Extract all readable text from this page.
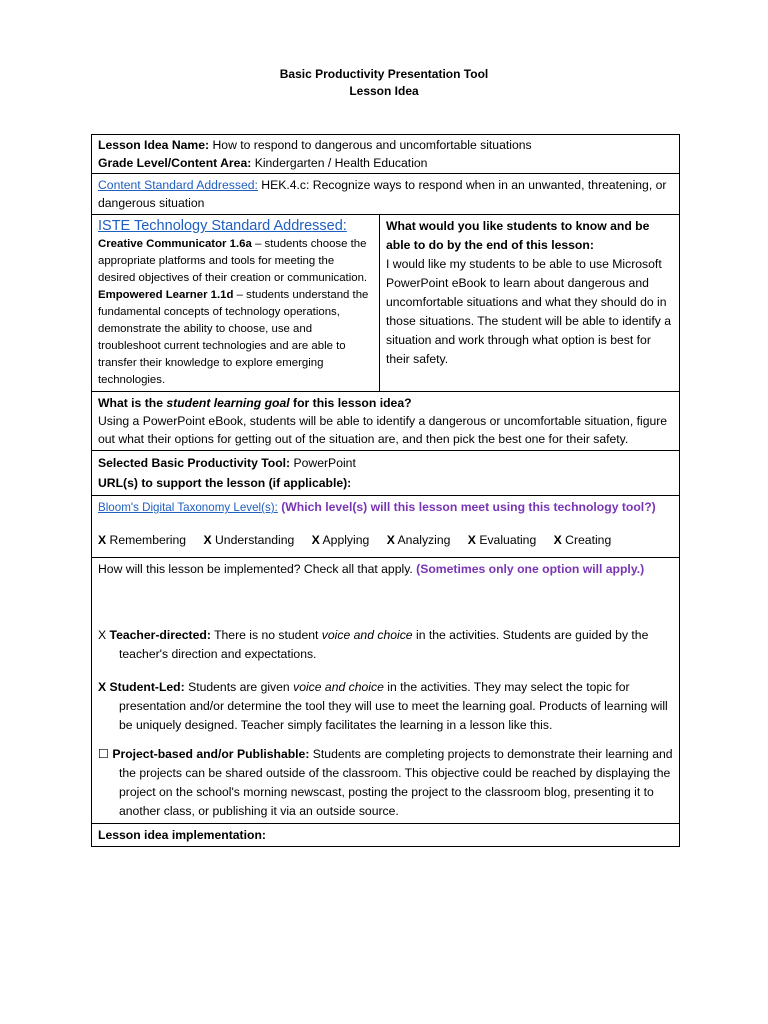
Basic Productivity Presentation Tool
Lesson Idea
Lesson Idea Name: How to respond to dangerous and uncomfortable situations
Grade Level/Content Area: Kindergarten / Health Education

Content Standard Addressed: HEK.4.c: Recognize ways to respond when in an unwanted, threatening, or dangerous situation

ISTE Technology Standard Addressed:
Creative Communicator 1.6a – students choose the appropriate platforms and tools for meeting the desired objectives of their creation or communication.
Empowered Learner 1.1d – students understand the fundamental concepts of technology operations, demonstrate the ability to choose, use and troubleshoot current technologies and are able to transfer their knowledge to explore emerging technologies.

What would you like students to know and be able to do by the end of this lesson:
I would like my students to be able to use Microsoft PowerPoint eBook to learn about dangerous and uncomfortable situations and what they should do in those situations. The student will be able to identify a situation and work through what option is best for their safety.

What is the student learning goal for this lesson idea?
Using a PowerPoint eBook, students will be able to identify a dangerous or uncomfortable situation, figure out what their options for getting out of the situation are, and then pick the best one for their safety.

Selected Basic Productivity Tool: PowerPoint
URL(s) to support the lesson (if applicable):

Bloom's Digital Taxonomy Level(s): (Which level(s) will this lesson meet using this technology tool?)
X Remembering X Understanding X Applying X Analyzing X Evaluating X Creating

How will this lesson be implemented? Check all that apply. (Sometimes only one option will apply.)
X Teacher-directed: There is no student voice and choice in the activities. Students are guided by the teacher's direction and expectations.
X Student-Led: Students are given voice and choice in the activities. They may select the topic for presentation and/or determine the tool they will use to meet the learning goal. Products of learning will be uniquely designed. Teacher simply facilitates the learning in a lesson like this.
☐ Project-based and/or Publishable: Students are completing projects to demonstrate their learning and the projects can be shared outside of the classroom. This objective could be reached by displaying the project on the school's morning newscast, posting the project to the classroom blog, presenting it to another class, or publishing it via an outside source.

Lesson idea implementation:
